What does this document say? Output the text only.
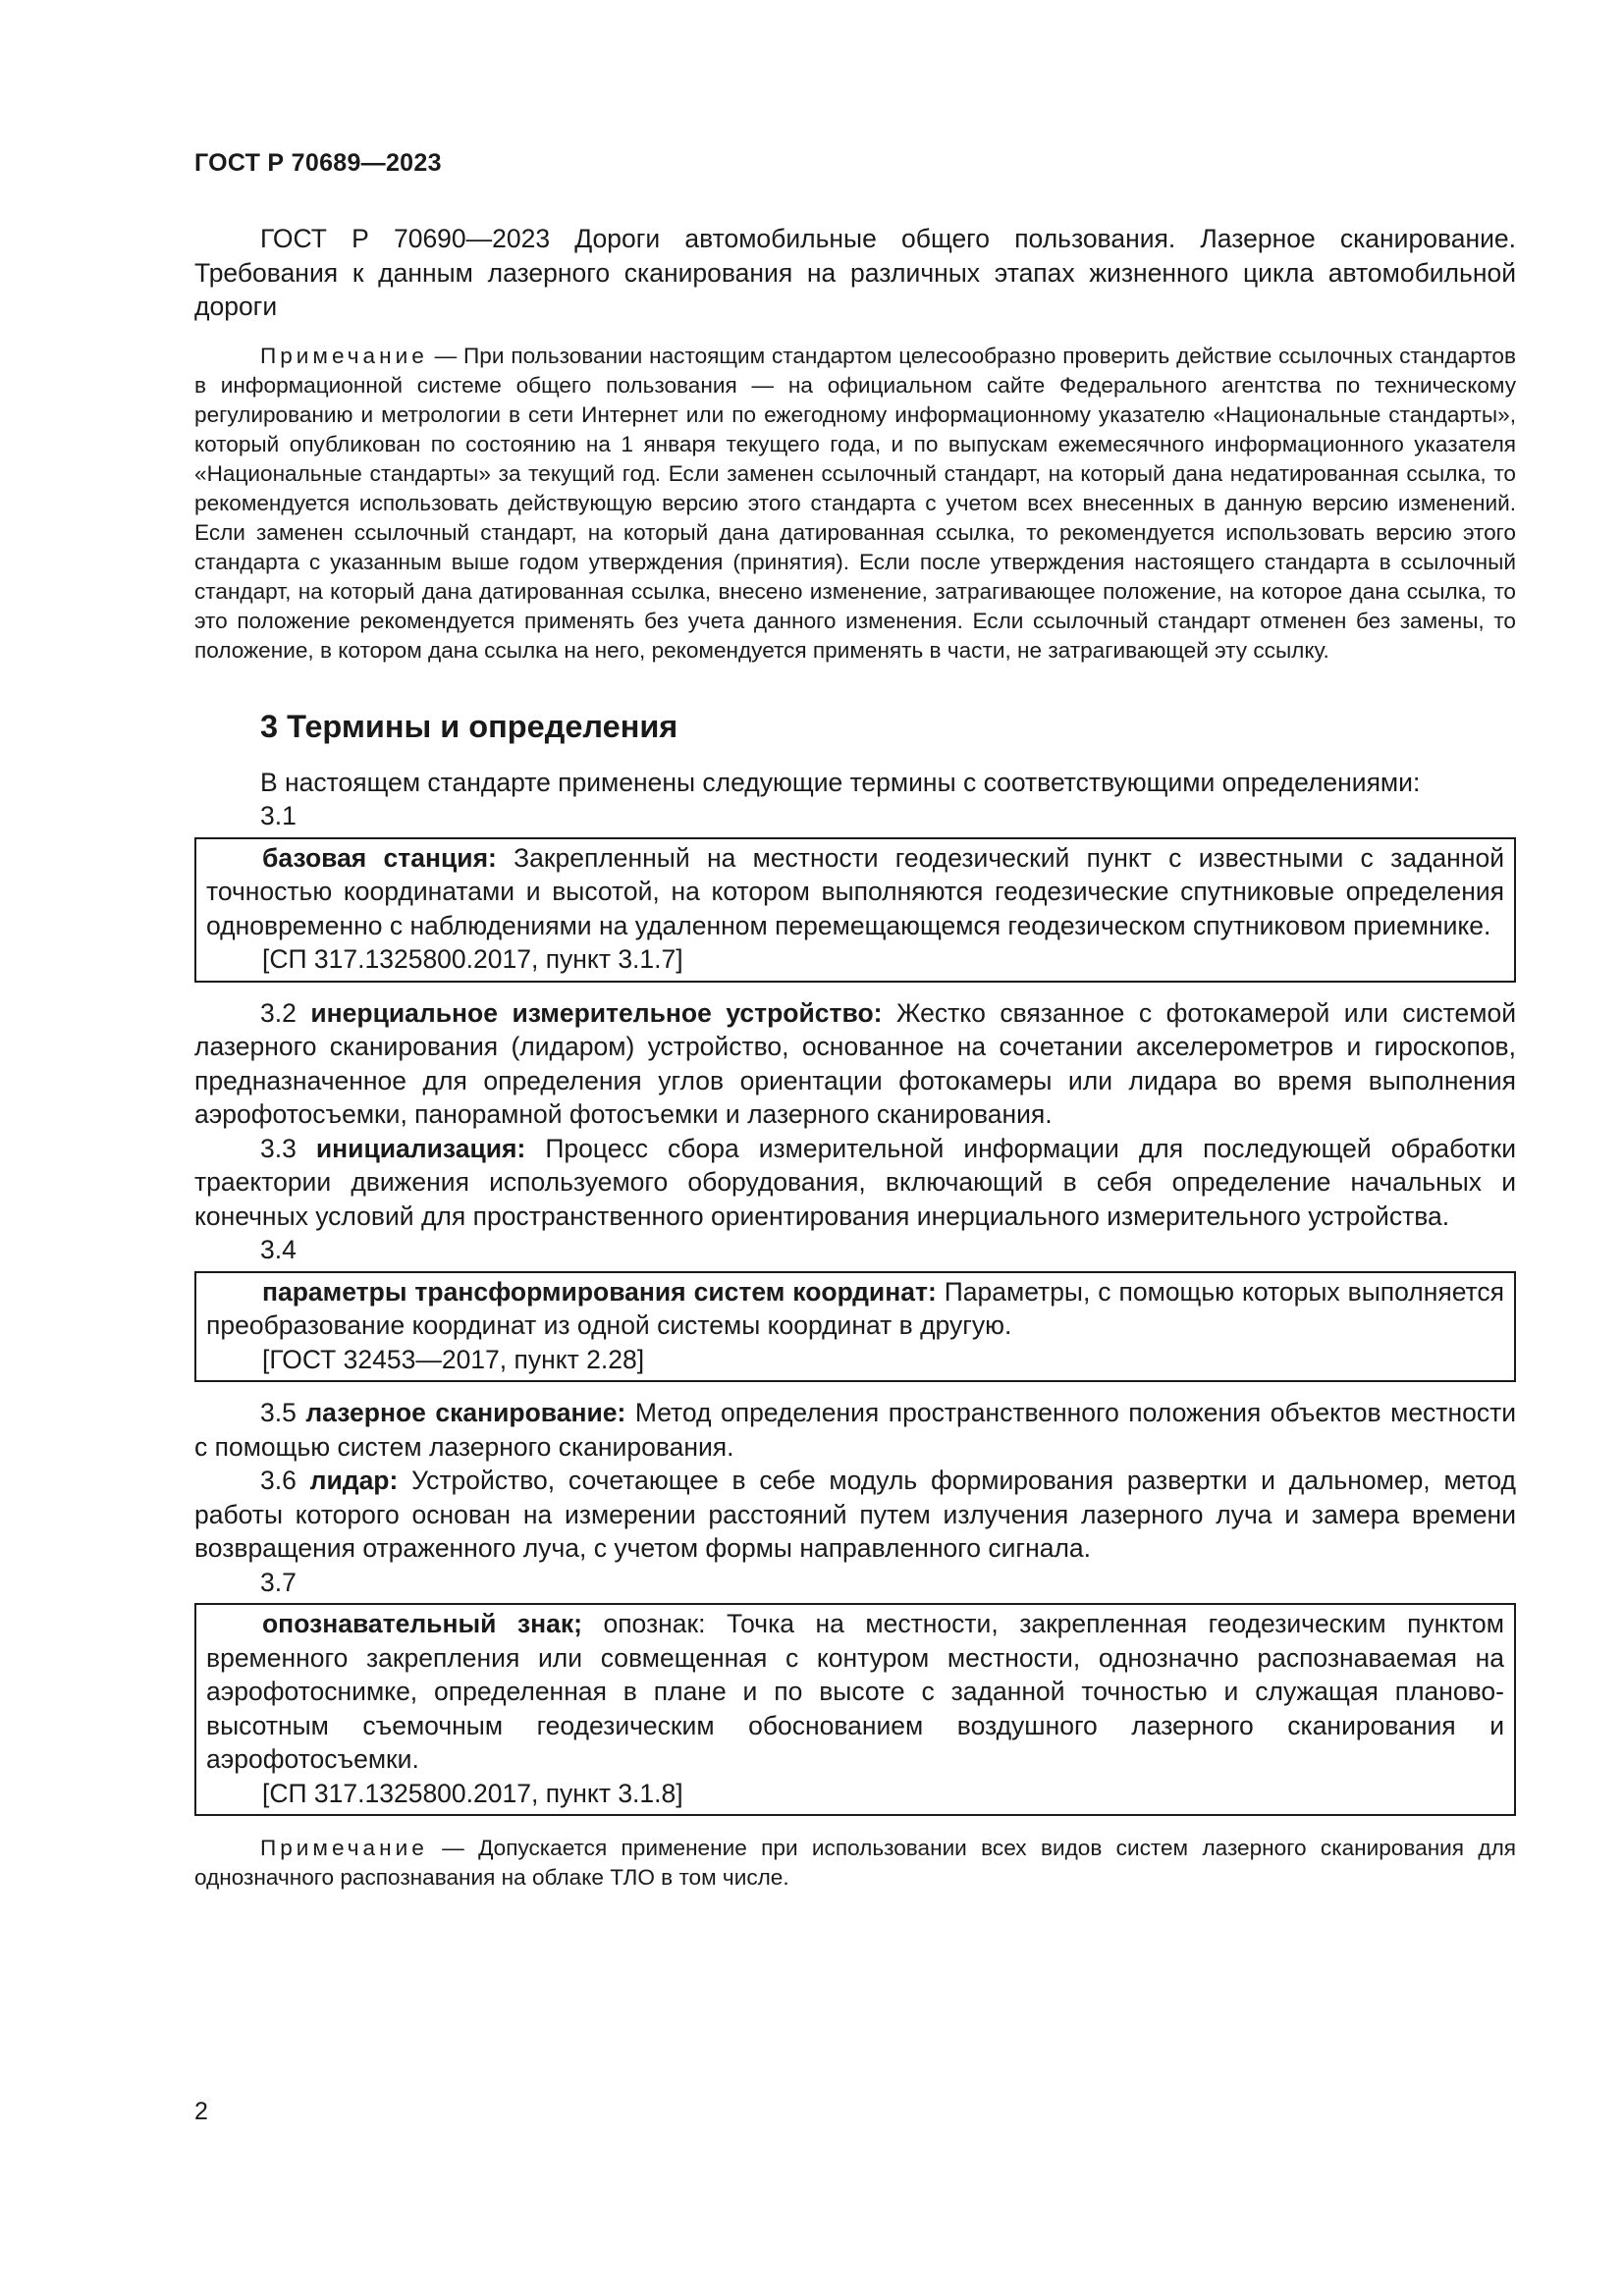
ГОСТ Р 70689—2023

ГОСТ Р 70690—2023 Дороги автомобильные общего пользования. Лазерное сканирование. Требования к данным лазерного сканирования на различных этапах жизненного цикла автомобильной дороги

Примечание — При пользовании настоящим стандартом целесообразно проверить действие ссылочных стандартов в информационной системе общего пользования — на официальном сайте Федерального агентства по техническому регулированию и метрологии в сети Интернет или по ежегодному информационному указателю «Национальные стандарты», который опубликован по состоянию на 1 января текущего года, и по выпускам ежемесячного информационного указателя «Национальные стандарты» за текущий год. Если заменен ссылочный стандарт, на который дана недатированная ссылка, то рекомендуется использовать действующую версию этого стандарта с учетом всех внесенных в данную версию изменений. Если заменен ссылочный стандарт, на который дана датированная ссылка, то рекомендуется использовать версию этого стандарта с указанным выше годом утверждения (принятия). Если после утверждения настоящего стандарта в ссылочный стандарт, на который дана датированная ссылка, внесено изменение, затрагивающее положение, на которое дана ссылка, то это положение рекомендуется применять без учета данного изменения. Если ссылочный стандарт отменен без замены, то положение, в котором дана ссылка на него, рекомендуется применять в части, не затрагивающей эту ссылку.

3 Термины и определения

В настоящем стандарте применены следующие термины с соответствующими определениями:

3.1

базовая станция: Закрепленный на местности геодезический пункт с известными с заданной точностью координатами и высотой, на котором выполняются геодезические спутниковые определения одновременно с наблюдениями на удаленном перемещающемся геодезическом спутниковом приемнике.

[СП 317.1325800.2017, пункт 3.1.7]

3.2 инерциальное измерительное устройство: Жестко связанное с фотокамерой или системой лазерного сканирования (лидаром) устройство, основанное на сочетании акселерометров и гироскопов, предназначенное для определения углов ориентации фотокамеры или лидара во время выполнения аэрофотосъемки, панорамной фотосъемки и лазерного сканирования.

3.3 инициализация: Процесс сбора измерительной информации для последующей обработки траектории движения используемого оборудования, включающий в себя определение начальных и конечных условий для пространственного ориентирования инерциального измерительного устройства.

3.4

параметры трансформирования систем координат: Параметры, с помощью которых выполняется преобразование координат из одной системы координат в другую.

[ГОСТ 32453—2017, пункт 2.28]

3.5 лазерное сканирование: Метод определения пространственного положения объектов местности с помощью систем лазерного сканирования.

3.6 лидар: Устройство, сочетающее в себе модуль формирования развертки и дальномер, метод работы которого основан на измерении расстояний путем излучения лазерного луча и замера времени возвращения отраженного луча, с учетом формы направленного сигнала.

3.7

опознавательный знак; опознак: Точка на местности, закрепленная геодезическим пунктом временного закрепления или совмещенная с контуром местности, однозначно распознаваемая на аэрофотоснимке, определенная в плане и по высоте с заданной точностью и служащая планово-высотным съемочным геодезическим обоснованием воздушного лазерного сканирования и аэрофотосъемки.

[СП 317.1325800.2017, пункт 3.1.8]

Примечание — Допускается применение при использовании всех видов систем лазерного сканирования для однозначного распознавания на облаке ТЛО в том числе.

2
